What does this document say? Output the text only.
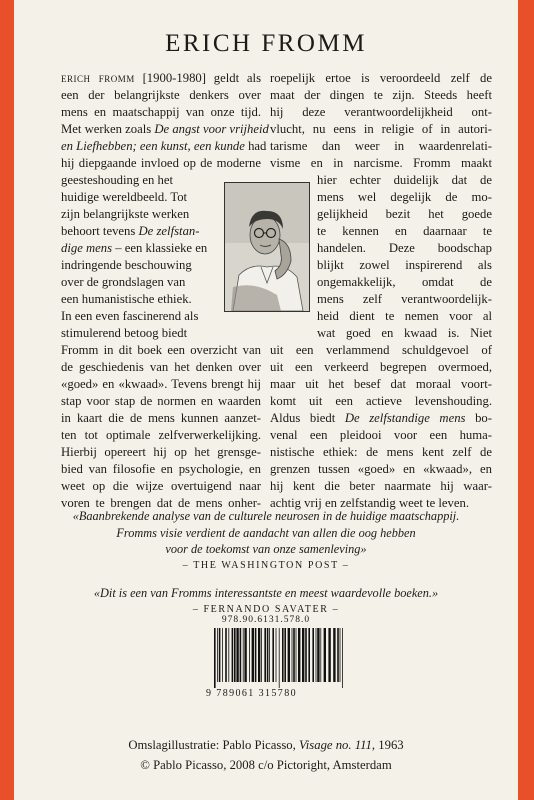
ERICH FROMM
erich fromm [1900-1980] geldt als
een der belangrijkste denkers over
mens en maatschappij van onze tijd.
Met werken zoals De angst voor vrijheid
en Liefhebben; een kunst, een kunde had
hij diepgaande invloed op de moderne
geesteshouding en het
huidige wereldbeeld. Tot
zijn belangrijkste werken
behoort tevens De zelfstan-
dige mens – een klassieke en
indringende beschouwing
over de grondslagen van
een humanistische ethiek.
In een even fascinerend als
stimulerend betoog biedt
Fromm in dit boek een overzicht van
de geschiedenis van het denken over
«goed» en «kwaad». Tevens brengt hij
stap voor stap de normen en waarden
in kaart die de mens kunnen aanzet-
ten tot optimale zelfverwerkelijking.
Hierbij opereert hij op het grensge-
bied van filosofie en psychologie, en
weet op die wijze overtuigend naar
voren te brengen dat de mens onher-
roepelijk ertoe is veroordeeld zelf de
maat der dingen te zijn. Steeds heeft
hij deze verantwoordelijkheid ont-
vlucht, nu eens in religie of in autori-
tarisme dan weer in waardenrelati-
visme en in narcisme. Fromm maakt
hier echter duidelijk dat de
mens wel degelijk de mo-
gelijkheid bezit het goede
te kennen en daarnaar te
handelen. Deze boodschap
blijkt zowel inspirerend als
ongemakkelijk, omdat de
mens zelf verantwoordelijk-
heid dient te nemen voor al
wat goed en kwaad is. Niet
uit een verlammend schuldgevoel of
uit een verkeerd begrepen overmoed,
maar uit het besef dat moraal voort-
komt uit een actieve levenshouding.
Aldus biedt De zelfstandige mens bo-
venal een pleidooi voor een huma-
nistische ethiek: de mens kent zelf de
grenzen tussen «goed» en «kwaad», en
hij kent die beter naarmate hij waar-
achtig vrij en zelfstandig weet te leven.
«Baanbrekende analyse van de culturele neurosen in de huidige maatschappij.
Fromms visie verdient de aandacht van allen die oog hebben
voor de toekomst van onze samenleving»
– THE WASHINGTON POST –
«Dit is een van Fromms interessantste en meest waardevolle boeken.»
– FERNANDO SAVATER –
978.90.6131.578.0
9 789061 315780
Omslagillustratie: Pablo Picasso, Visage no. 111, 1963
© Pablo Picasso, 2008 c/o Pictoright, Amsterdam
